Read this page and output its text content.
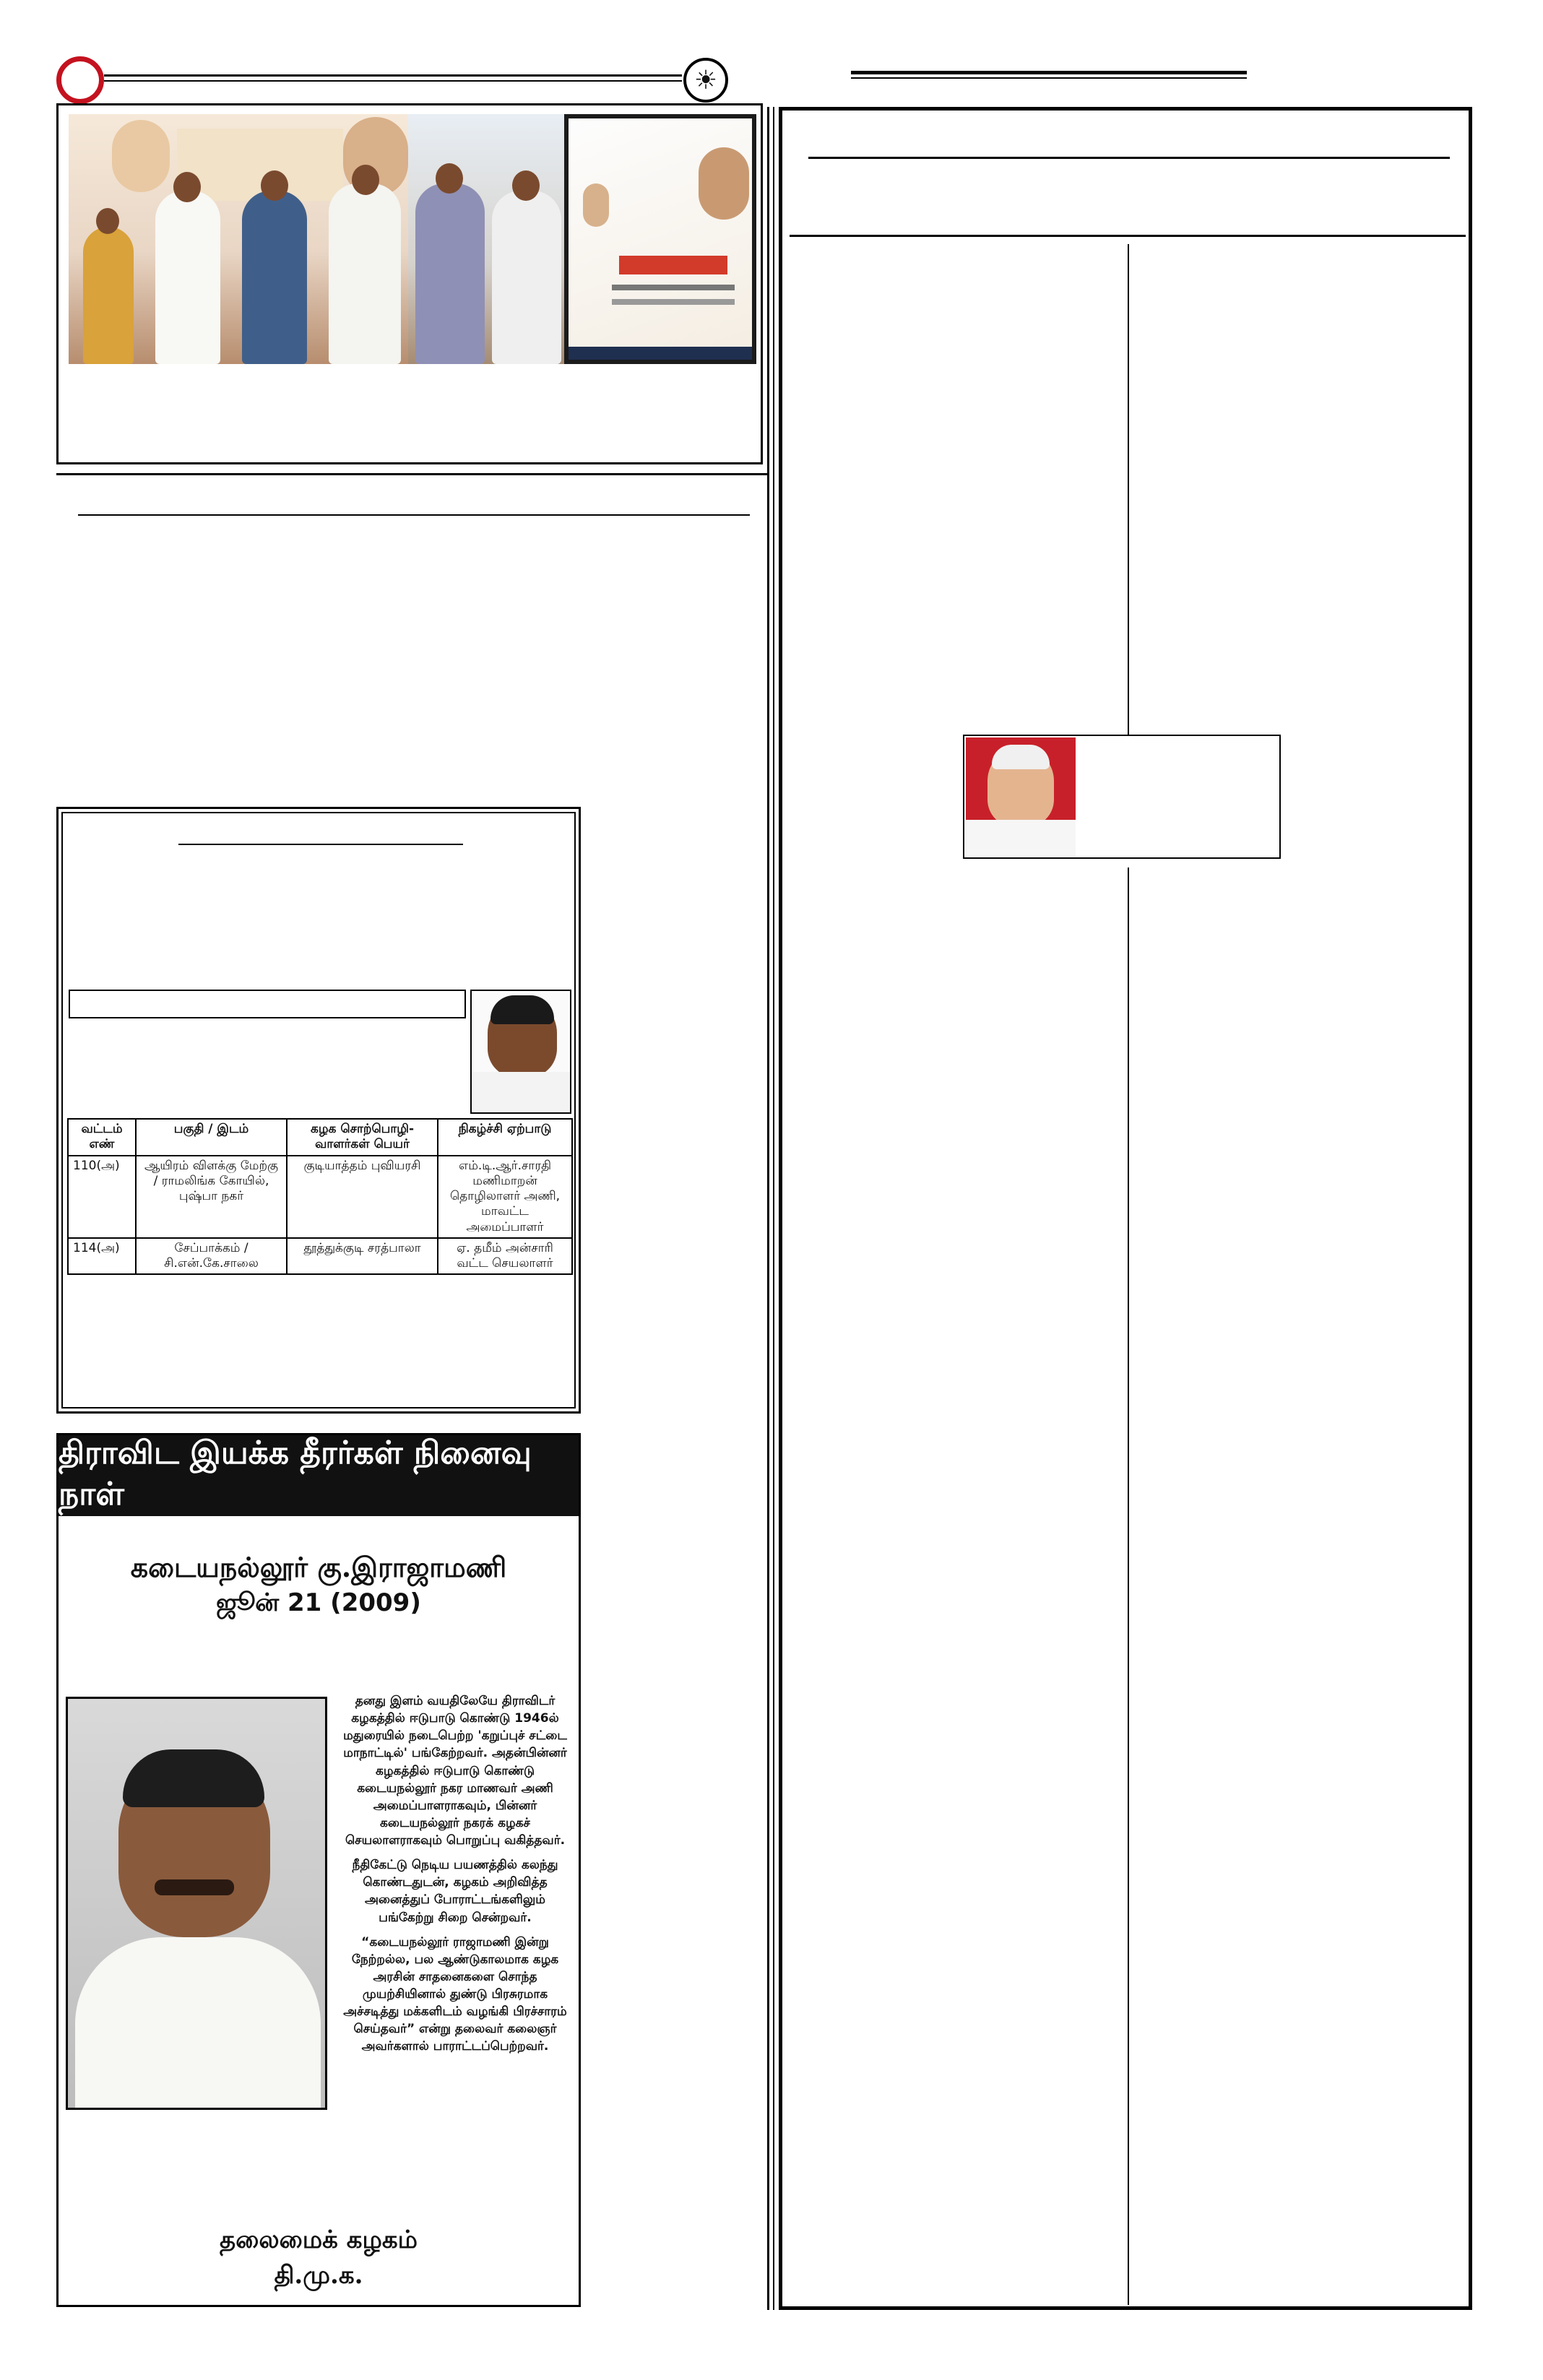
☀
வட்டம் எண்	பகுதி / இடம்	கழக சொற்பொழி-வாளர்கள் பெயர்	நிகழ்ச்சி ஏற்பாடு
110(அ)	ஆயிரம் விளக்கு மேற்கு / ராமலிங்க கோயில், புஷ்பா நகர்	குடியாத்தம் புவியரசி	எம்.டி.ஆர்.சாரதி மணிமாறன் தொழிலாளர் அணி, மாவட்ட அமைப்பாளர்
114(அ)	சேப்பாக்கம் / சி.என்.கே.சாலை	தூத்துக்குடி சரத்பாலா	ஏ. தமீம் அன்சாரி வட்ட செயலாளர்
திராவிட இயக்க தீரர்கள் நினைவு நாள்
கடையநல்லூர் கு.இராஜாமணி
ஜூன் 21 (2009)

தனது இளம் வயதிலேயே திராவிடர் கழகத்தில் ஈடுபாடு கொண்டு 1946ல் மதுரையில் நடைபெற்ற 'கறுப்புச் சட்டை மாநாட்டில்' பங்கேற்றவர். அதன்பின்னர் கழகத்தில் ஈடுபாடு கொண்டு கடையநல்லூர் நகர மாணவர் அணி அமைப்பாளராகவும், பின்னர் கடையநல்லூர் நகரக் கழகச் செயலாளராகவும் பொறுப்பு வகித்தவர்.

நீதிகேட்டு நெடிய பயணத்தில் கலந்து கொண்டதுடன், கழகம் அறிவித்த அனைத்துப் போராட்டங்களிலும் பங்கேற்று சிறை சென்றவர்.

“கடையநல்லூர் ராஜாமணி இன்று நேற்றல்ல, பல ஆண்டுகாலமாக கழக அரசின் சாதனைகளை சொந்த முயற்சியினால் துண்டு பிரசுரமாக அச்சடித்து மக்களிடம் வழங்கி பிரச்சாரம் செய்தவர்” என்று தலைவர் கலைஞர் அவர்களால் பாராட்டப்பெற்றவர்.

தலைமைக் கழகம்
தி.மு.க.
